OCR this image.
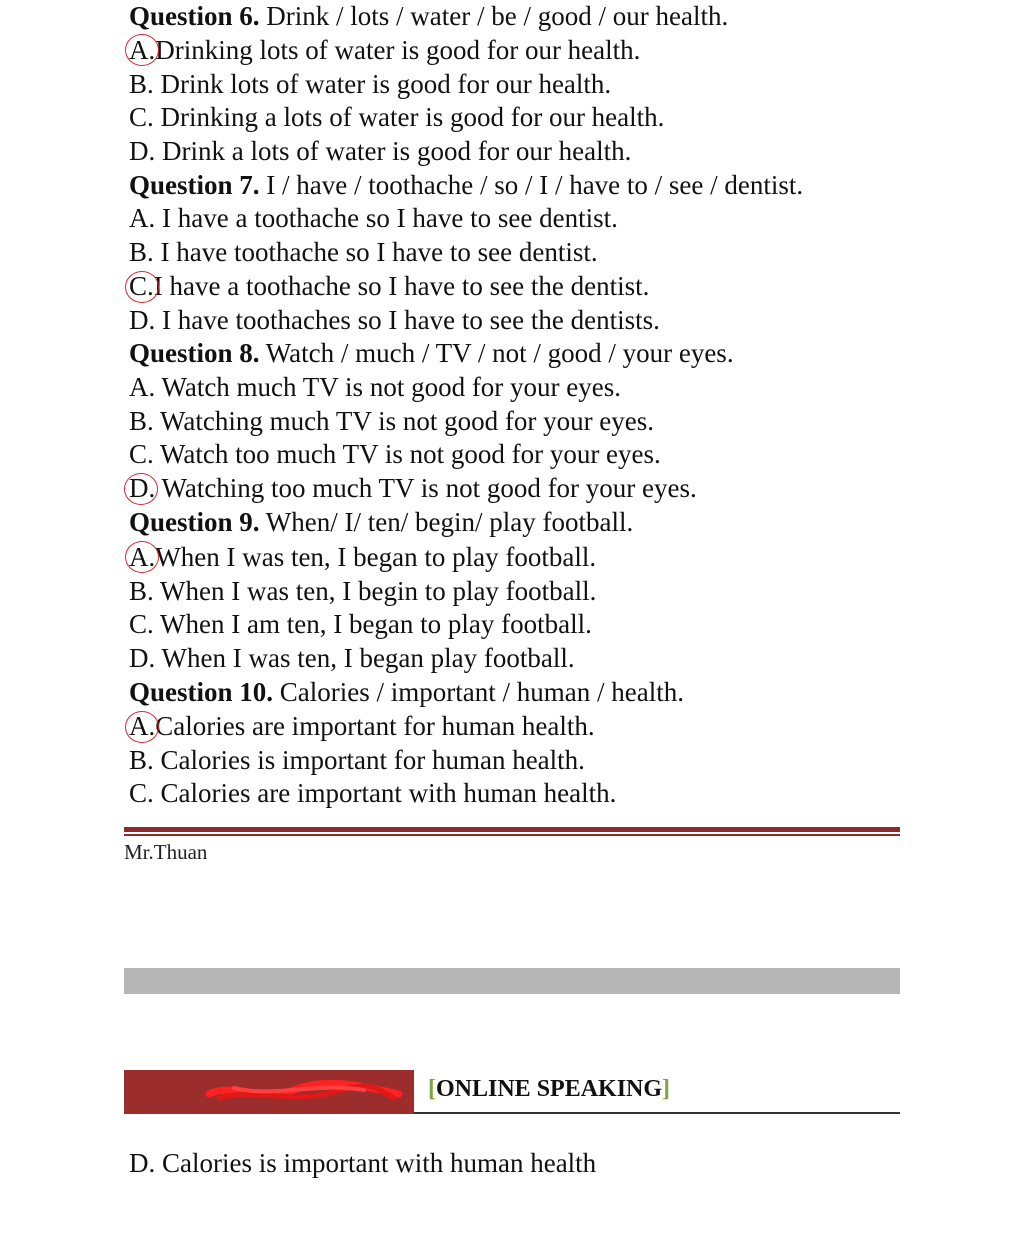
Question 6. Drink / lots / water / be / good / our health.
A.Drinking lots of water is good for our health.
B. Drink lots of water is good for our health.
C. Drinking a lots of water is good for our health.
D. Drink a lots of water is good for our health.
Question 7. I / have / toothache / so / I / have to / see / dentist.
A. I have a toothache so I have to see dentist.
B. I have toothache so I have to see dentist.
C.I have a toothache so I have to see the dentist.
D. I have toothaches so I have to see the dentists.
Question 8. Watch / much / TV / not / good / your eyes.
A. Watch much TV is not good for your eyes.
B. Watching much TV is not good for your eyes.
C. Watch too much TV is not good for your eyes.
D. Watching too much TV is not good for your eyes.
Question 9. When/ I/ ten/ begin/ play football.
A.When I was ten, I began to play football.
B. When I was ten, I begin to play football.
C. When I am ten, I began to play football.
D. When I was ten, I began play football.
Question 10. Calories / important / human / health.
A.Calories are important for human health.
B. Calories is important for human health.
C. Calories are important with human health.
Mr.Thuan
[ONLINE SPEAKING]
D. Calories is important with human health
